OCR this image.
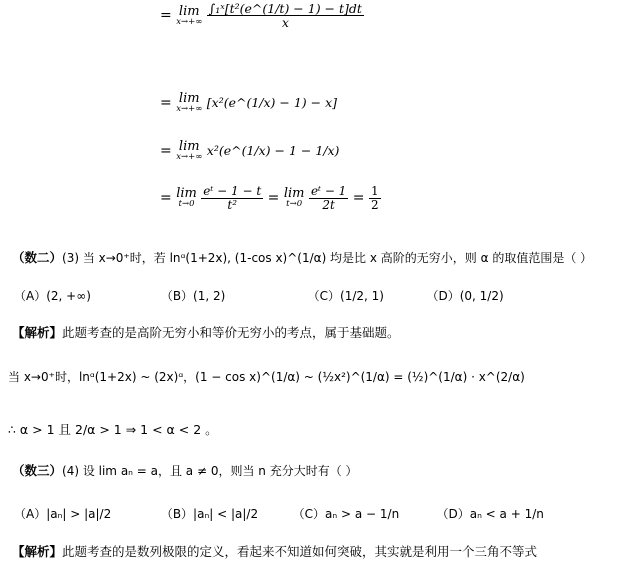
= lim
x→+∞
$\frac{\text{∫₁ˣ[t²(e\textasciicircum{}(1/t) − 1) − t]dt}}{x}$
= lim
x→+∞ [x²(e^(1/x) − 1) − x]
= lim
x→+∞ x²(e^(1/x) − 1 − 1/x)
= lim
t→0
$\frac{\text{eᵗ − 1 − t}}{\text{t²}} = \lim$
t→0
$\frac{\text{eᵗ − 1}}{2t} = \frac{1}{2}$
（数二）(3) 当 x→0⁺时，若 lnᵅ(1+2x), (1-cos x)^(1/α) 均是比 x 高阶的无穷小，则 α 的取值范围是（ ）
（A）(2, +∞)	（B）(1, 2)	（C）(1/2, 1)	（D）(0, 1/2)
【解析】此题考查的是高阶无穷小和等价无穷小的考点，属于基础题。
当 x→0⁺时，lnᵅ(1+2x) ~ (2x)ᵅ，(1 − cos x)^(1/α) ~ (½x²)^(1/α) = (½)^(1/α) · x^(2/α)
∴ α > 1 且 2/α > 1 ⇒ 1 < α < 2 。
（数三）(4) 设 lim aₙ = a，且 a ≠ 0，则当 n 充分大时有（ ）
（A）|aₙ| > |a|/2	（B）|aₙ| < |a|/2	（C）aₙ > a − 1/n	（D）aₙ < a + 1/n
【解析】此题考查的是数列极限的定义，看起来不知道如何突破，其实就是利用一个三角不等式
